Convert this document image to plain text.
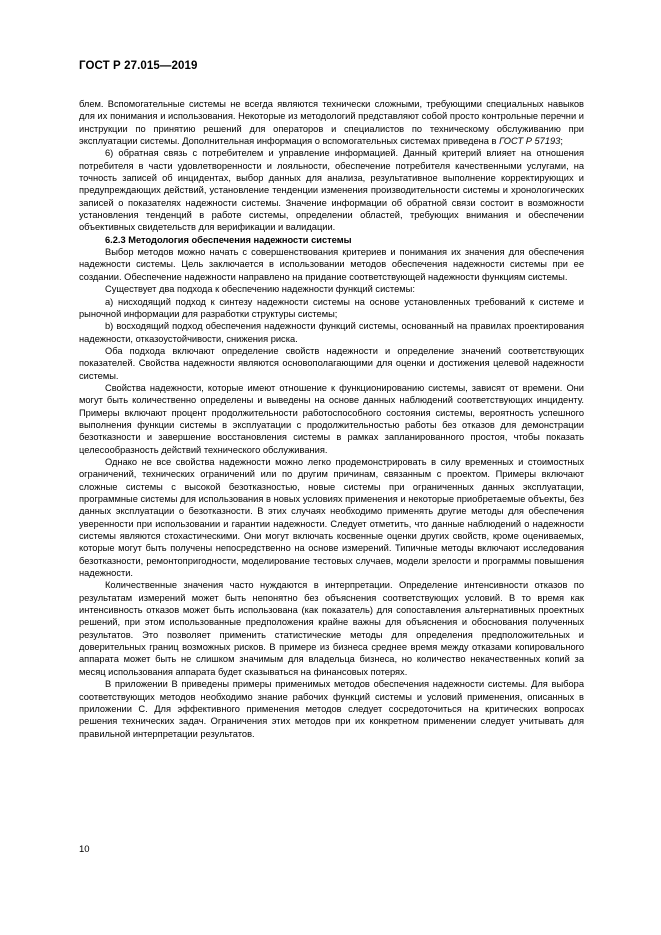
ГОСТ Р 27.015—2019

блем. Вспомогательные системы не всегда являются технически сложными, требующими специальных навыков для их понимания и использования. Некоторые из методологий представляют собой просто контрольные перечни и инструкции по принятию решений для операторов и специалистов по техническому обслуживанию при эксплуатации системы. Дополнительная информация о вспомогательных системах приведена в ГОСТ Р 57193;

6) обратная связь с потребителем и управление информацией. Данный критерий влияет на отношения потребителя в части удовлетворенности и лояльности, обеспечение потребителя качественными услугами, на точность записей об инцидентах, выбор данных для анализа, результативное выполнение корректирующих и предупреждающих действий, установление тенденции изменения производительности системы и хронологических записей о показателях надежности системы. Значение информации об обратной связи состоит в возможности установления тенденций в работе системы, определении областей, требующих внимания и обеспечении объективных свидетельств для верификации и валидации.

6.2.3 Методология обеспечения надежности системы

Выбор методов можно начать с совершенствования критериев и понимания их значения для обеспечения надежности системы. Цель заключается в использовании методов обеспечения надежности системы при ее создании. Обеспечение надежности направлено на придание соответствующей надежности функциям системы.

Существует два подхода к обеспечению надежности функций системы:

а) нисходящий подход к синтезу надежности системы на основе установленных требований к системе и рыночной информации для разработки структуры системы;

b) восходящий подход обеспечения надежности функций системы, основанный на правилах проектирования надежности, отказоустойчивости, снижения риска.

Оба подхода включают определение свойств надежности и определение значений соответствующих показателей. Свойства надежности являются основополагающими для оценки и достижения целевой надежности системы.

Свойства надежности, которые имеют отношение к функционированию системы, зависят от времени. Они могут быть количественно определены и выведены на основе данных наблюдений соответствующих инциденту. Примеры включают процент продолжительности работоспособного состояния системы, вероятность успешного выполнения функции системы в эксплуатации с продолжительностью работы без отказов для демонстрации безотказности и завершение восстановления системы в рамках запланированного простоя, чтобы показать целесообразность действий технического обслуживания.

Однако не все свойства надежности можно легко продемонстрировать в силу временных и стоимостных ограничений, технических ограничений или по другим причинам, связанным с проектом. Примеры включают сложные системы с высокой безотказностью, новые системы при ограниченных данных эксплуатации, программные системы для использования в новых условиях применения и некоторые приобретаемые объекты, без данных эксплуатации о безотказности. В этих случаях необходимо применять другие методы для обеспечения уверенности при использовании и гарантии надежности. Следует отметить, что данные наблюдений о надежности системы являются стохастическими. Они могут включать косвенные оценки других свойств, кроме оцениваемых, которые могут быть получены непосредственно на основе измерений. Типичные методы включают исследования безотказности, ремонтопригодности, моделирование тестовых случаев, модели зрелости и программы повышения надежности.

Количественные значения часто нуждаются в интерпретации. Определение интенсивности отказов по результатам измерений может быть непонятно без объяснения соответствующих условий. В то время как интенсивность отказов может быть использована (как показатель) для сопоставления альтернативных проектных решений, при этом использованные предположения крайне важны для объяснения и обоснования полученных результатов. Это позволяет применить статистические методы для определения предположительных и доверительных границ возможных рисков. В примере из бизнеса среднее время между отказами копировального аппарата может быть не слишком значимым для владельца бизнеса, но количество некачественных копий за месяц использования аппарата будет сказываться на финансовых потерях.

В приложении В приведены примеры применимых методов обеспечения надежности системы. Для выбора соответствующих методов необходимо знание рабочих функций системы и условий применения, описанных в приложении С. Для эффективного применения методов следует сосредоточиться на критических вопросах решения технических задач. Ограничения этих методов при их конкретном применении следует учитывать для правильной интерпретации результатов.

10
